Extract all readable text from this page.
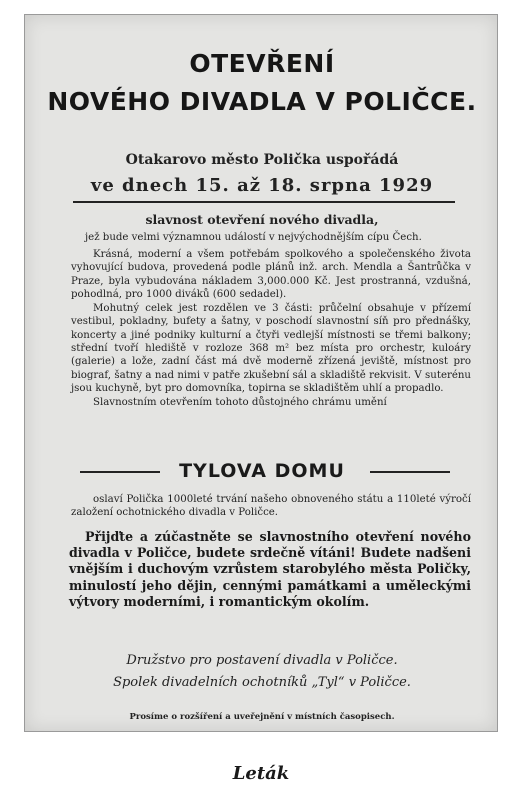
OTEVŘENÍ
NOVÉHO DIVADLA V POLIČCE.
Otakarovo město Polička uspořádá
ve dnech 15. až 18. srpna 1929
slavnost otevření nového divadla,
jež bude velmi významnou událostí v nejvýchodnějším cípu Čech.

Krásná, moderní a všem potřebám spolkového a společenského života vyhovující budova, provedená podle plánů inž. arch. Mendla a Šantrůčka v Praze, byla vybudována nákladem 3,000.000 Kč. Jest prostranná, vzdušná, pohodlná, pro 1000 diváků (600 sedadel).

Mohutný celek jest rozdělen ve 3 části: průčelní obsahuje v přízemí vestibul, pokladny, bufety a šatny, v poschodí slavnostní síň pro přednášky, koncerty a jiné podniky kulturní a čtyři vedlejší místnosti se třemi balkony; střední tvoří hlediště v rozloze 368 m² bez místa pro orchestr, kuloáry (galerie) a lože, zadní část má dvě moderně zřízená jeviště, místnost pro biograf, šatny a nad nimi v patře zkušební sál a skladiště rekvisit. V suterénu jsou kuchyně, byt pro domovníka, topirna se skladištěm uhlí a propadlo.

Slavnostním otevřením tohoto důstojného chrámu umění

TYLOVA DOMU

oslaví Polička 1000leté trvání našeho obnoveného státu a 110leté výročí založení ochotnického divadla v Poličce.

Přijďte a zúčastněte se slavnostního otevření nového divadla v Poličce, budete srdečně vítáni! Budete nadšeni vnějším i duchovým vzrůstem starobylého města Poličky, minulostí jeho dějin, cennými památkami a uměleckými výtvory moderními, i romantickým okolím.

Družstvo pro postavení divadla v Poličce.
Spolek divadelních ochotníků „Tyl“ v Poličce.
Prosíme o rozšíření a uveřejnění v místních časopisech.
Leták
